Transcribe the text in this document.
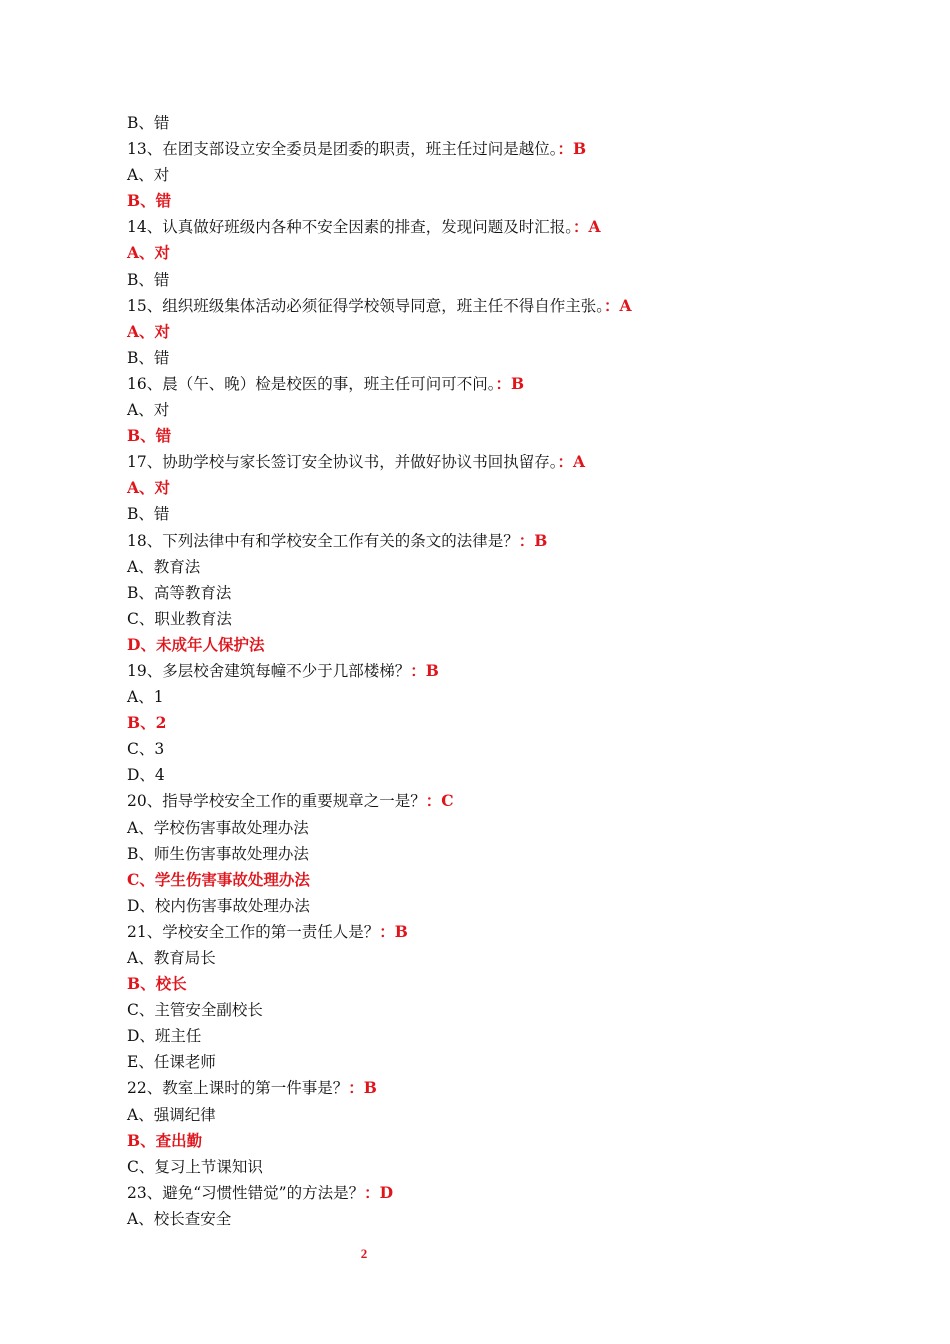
B、错
13、在团支部设立安全委员是团委的职责，班主任过问是越位。：B
A、对
B、错
14、认真做好班级内各种不安全因素的排查，发现问题及时汇报。：A
A、对
B、错
15、组织班级集体活动必须征得学校领导同意，班主任不得自作主张。：A
A、对
B、错
16、晨（午、晚）检是校医的事，班主任可问可不问。：B
A、对
B、错
17、协助学校与家长签订安全协议书，并做好协议书回执留存。：A
A、对
B、错
18、下列法律中有和学校安全工作有关的条文的法律是？：B
A、教育法
B、高等教育法
C、职业教育法
D、未成年人保护法
19、多层校舍建筑每幢不少于几部楼梯？：B
A、1
B、2
C、3
D、4
20、指导学校安全工作的重要规章之一是？：C
A、学校伤害事故处理办法
B、师生伤害事故处理办法
C、学生伤害事故处理办法
D、校内伤害事故处理办法
21、学校安全工作的第一责任人是？：B
A、教育局长
B、校长
C、主管安全副校长
D、班主任
E、任课老师
22、教室上课时的第一件事是？：B
A、强调纪律
B、查出勤
C、复习上节课知识
23、避免“习惯性错觉”的方法是？：D
A、校长查安全
2
